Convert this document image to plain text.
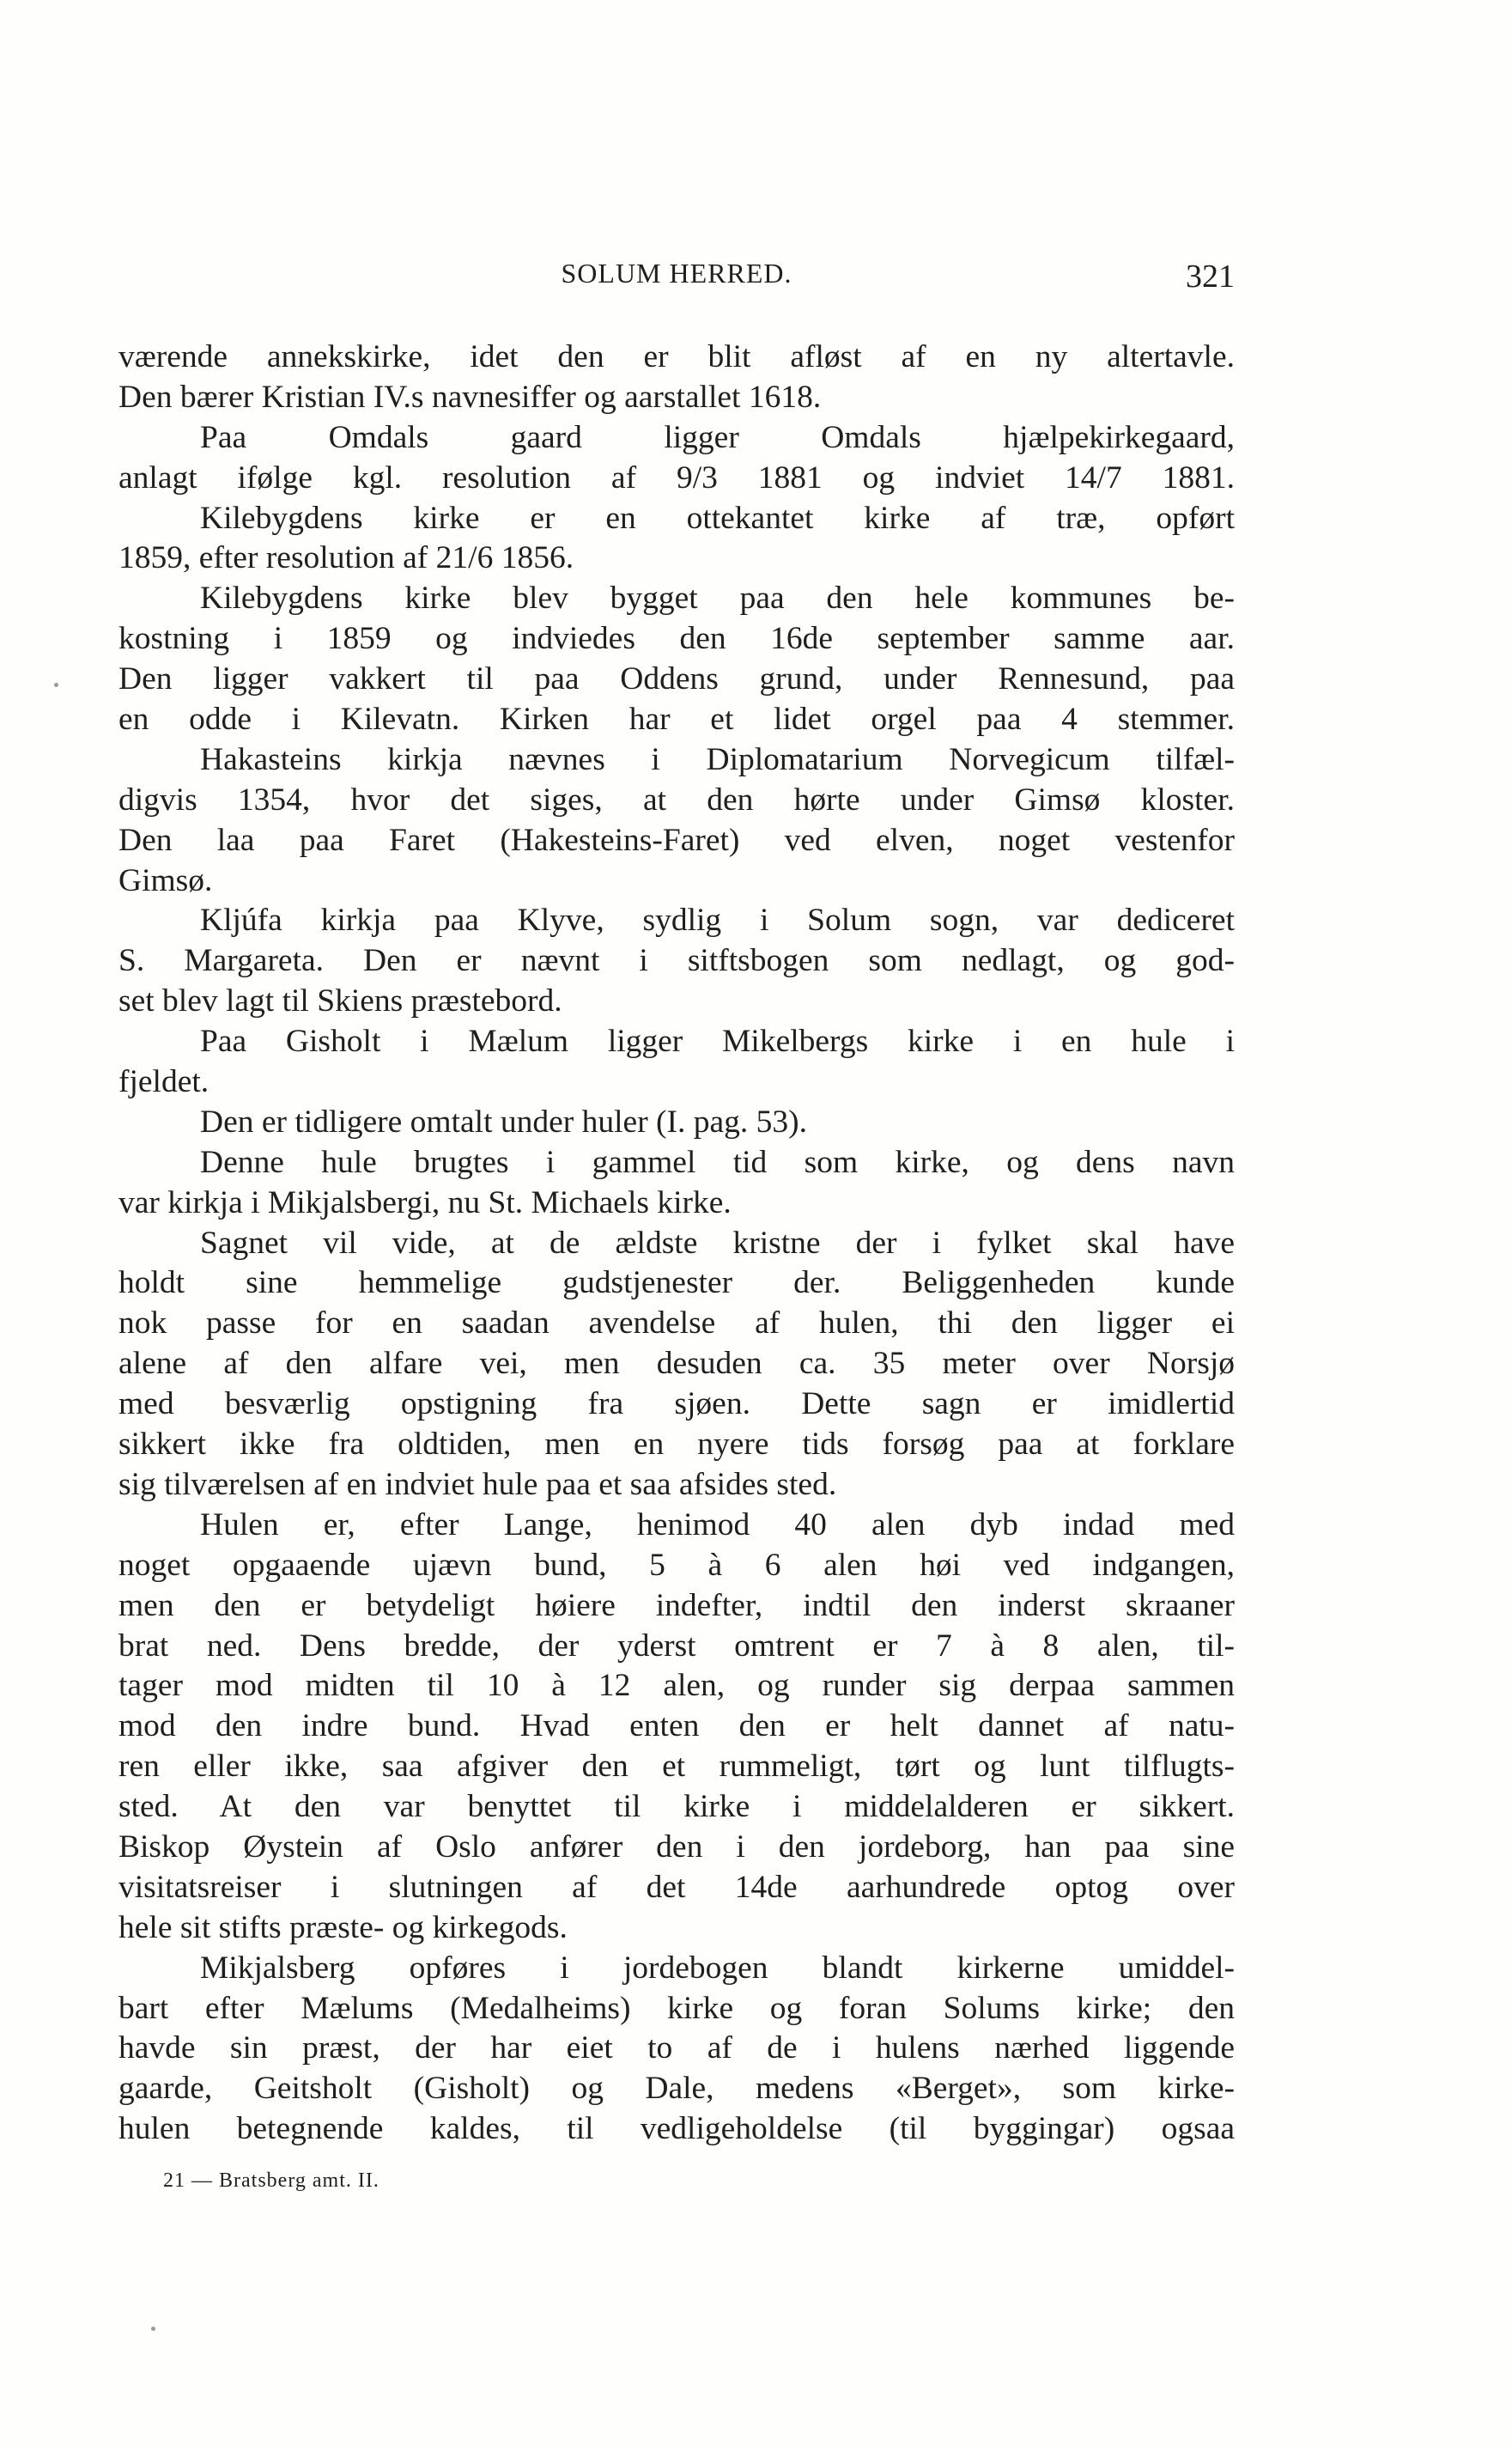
SOLUM HERRED.	321
værende annekskirke, idet den er blit afløst af en ny altertavle.
Den bærer Kristian IV.s navnesiffer og aarstallet 1618.
Paa Omdals gaard ligger Omdals hjælpekirkegaard,
anlagt ifølge kgl. resolution af 9/3 1881 og indviet 14/7 1881.
Kilebygdens kirke er en ottekantet kirke af træ, opført
1859, efter resolution af 21/6 1856.
Kilebygdens kirke blev bygget paa den hele kommunes be-
kostning i 1859 og indviedes den 16de september samme aar.
Den ligger vakkert til paa Oddens grund, under Rennesund, paa
en odde i Kilevatn. Kirken har et lidet orgel paa 4 stemmer.
Hakasteins kirkja nævnes i Diplomatarium Norvegicum tilfæl-
digvis 1354, hvor det siges, at den hørte under Gimsø kloster.
Den laa paa Faret (Hakesteins-Faret) ved elven, noget vestenfor
Gimsø.
Kljúfa kirkja paa Klyve, sydlig i Solum sogn, var dediceret
S. Margareta. Den er nævnt i sitftsbogen som nedlagt, og god-
set blev lagt til Skiens præstebord.
Paa Gisholt i Mælum ligger Mikelbergs kirke i en hule i
fjeldet.
Den er tidligere omtalt under huler (I. pag. 53).
Denne hule brugtes i gammel tid som kirke, og dens navn
var kirkja i Mikjalsbergi, nu St. Michaels kirke.
Sagnet vil vide, at de ældste kristne der i fylket skal have
holdt sine hemmelige gudstjenester der. Beliggenheden kunde
nok passe for en saadan avendelse af hulen, thi den ligger ei
alene af den alfare vei, men desuden ca. 35 meter over Norsjø
med besværlig opstigning fra sjøen. Dette sagn er imidlertid
sikkert ikke fra oldtiden, men en nyere tids forsøg paa at forklare
sig tilværelsen af en indviet hule paa et saa afsides sted.
Hulen er, efter Lange, henimod 40 alen dyb indad med
noget opgaaende ujævn bund, 5 à 6 alen høi ved indgangen,
men den er betydeligt høiere indefter, indtil den inderst skraaner
brat ned. Dens bredde, der yderst omtrent er 7 à 8 alen, til-
tager mod midten til 10 à 12 alen, og runder sig derpaa sammen
mod den indre bund. Hvad enten den er helt dannet af natu-
ren eller ikke, saa afgiver den et rummeligt, tørt og lunt tilflugts-
sted. At den var benyttet til kirke i middelalderen er sikkert.
Biskop Øystein af Oslo anfører den i den jordeborg, han paa sine
visitatsreiser i slutningen af det 14de aarhundrede optog over
hele sit stifts præste- og kirkegods.
Mikjalsberg opføres i jordebogen blandt kirkerne umiddel-
bart efter Mælums (Medalheims) kirke og foran Solums kirke; den
havde sin præst, der har eiet to af de i hulens nærhed liggende
gaarde, Geitsholt (Gisholt) og Dale, medens «Berget», som kirke-
hulen betegnende kaldes, til vedligeholdelse (til byggingar) ogsaa
21 — Bratsberg amt. II.
